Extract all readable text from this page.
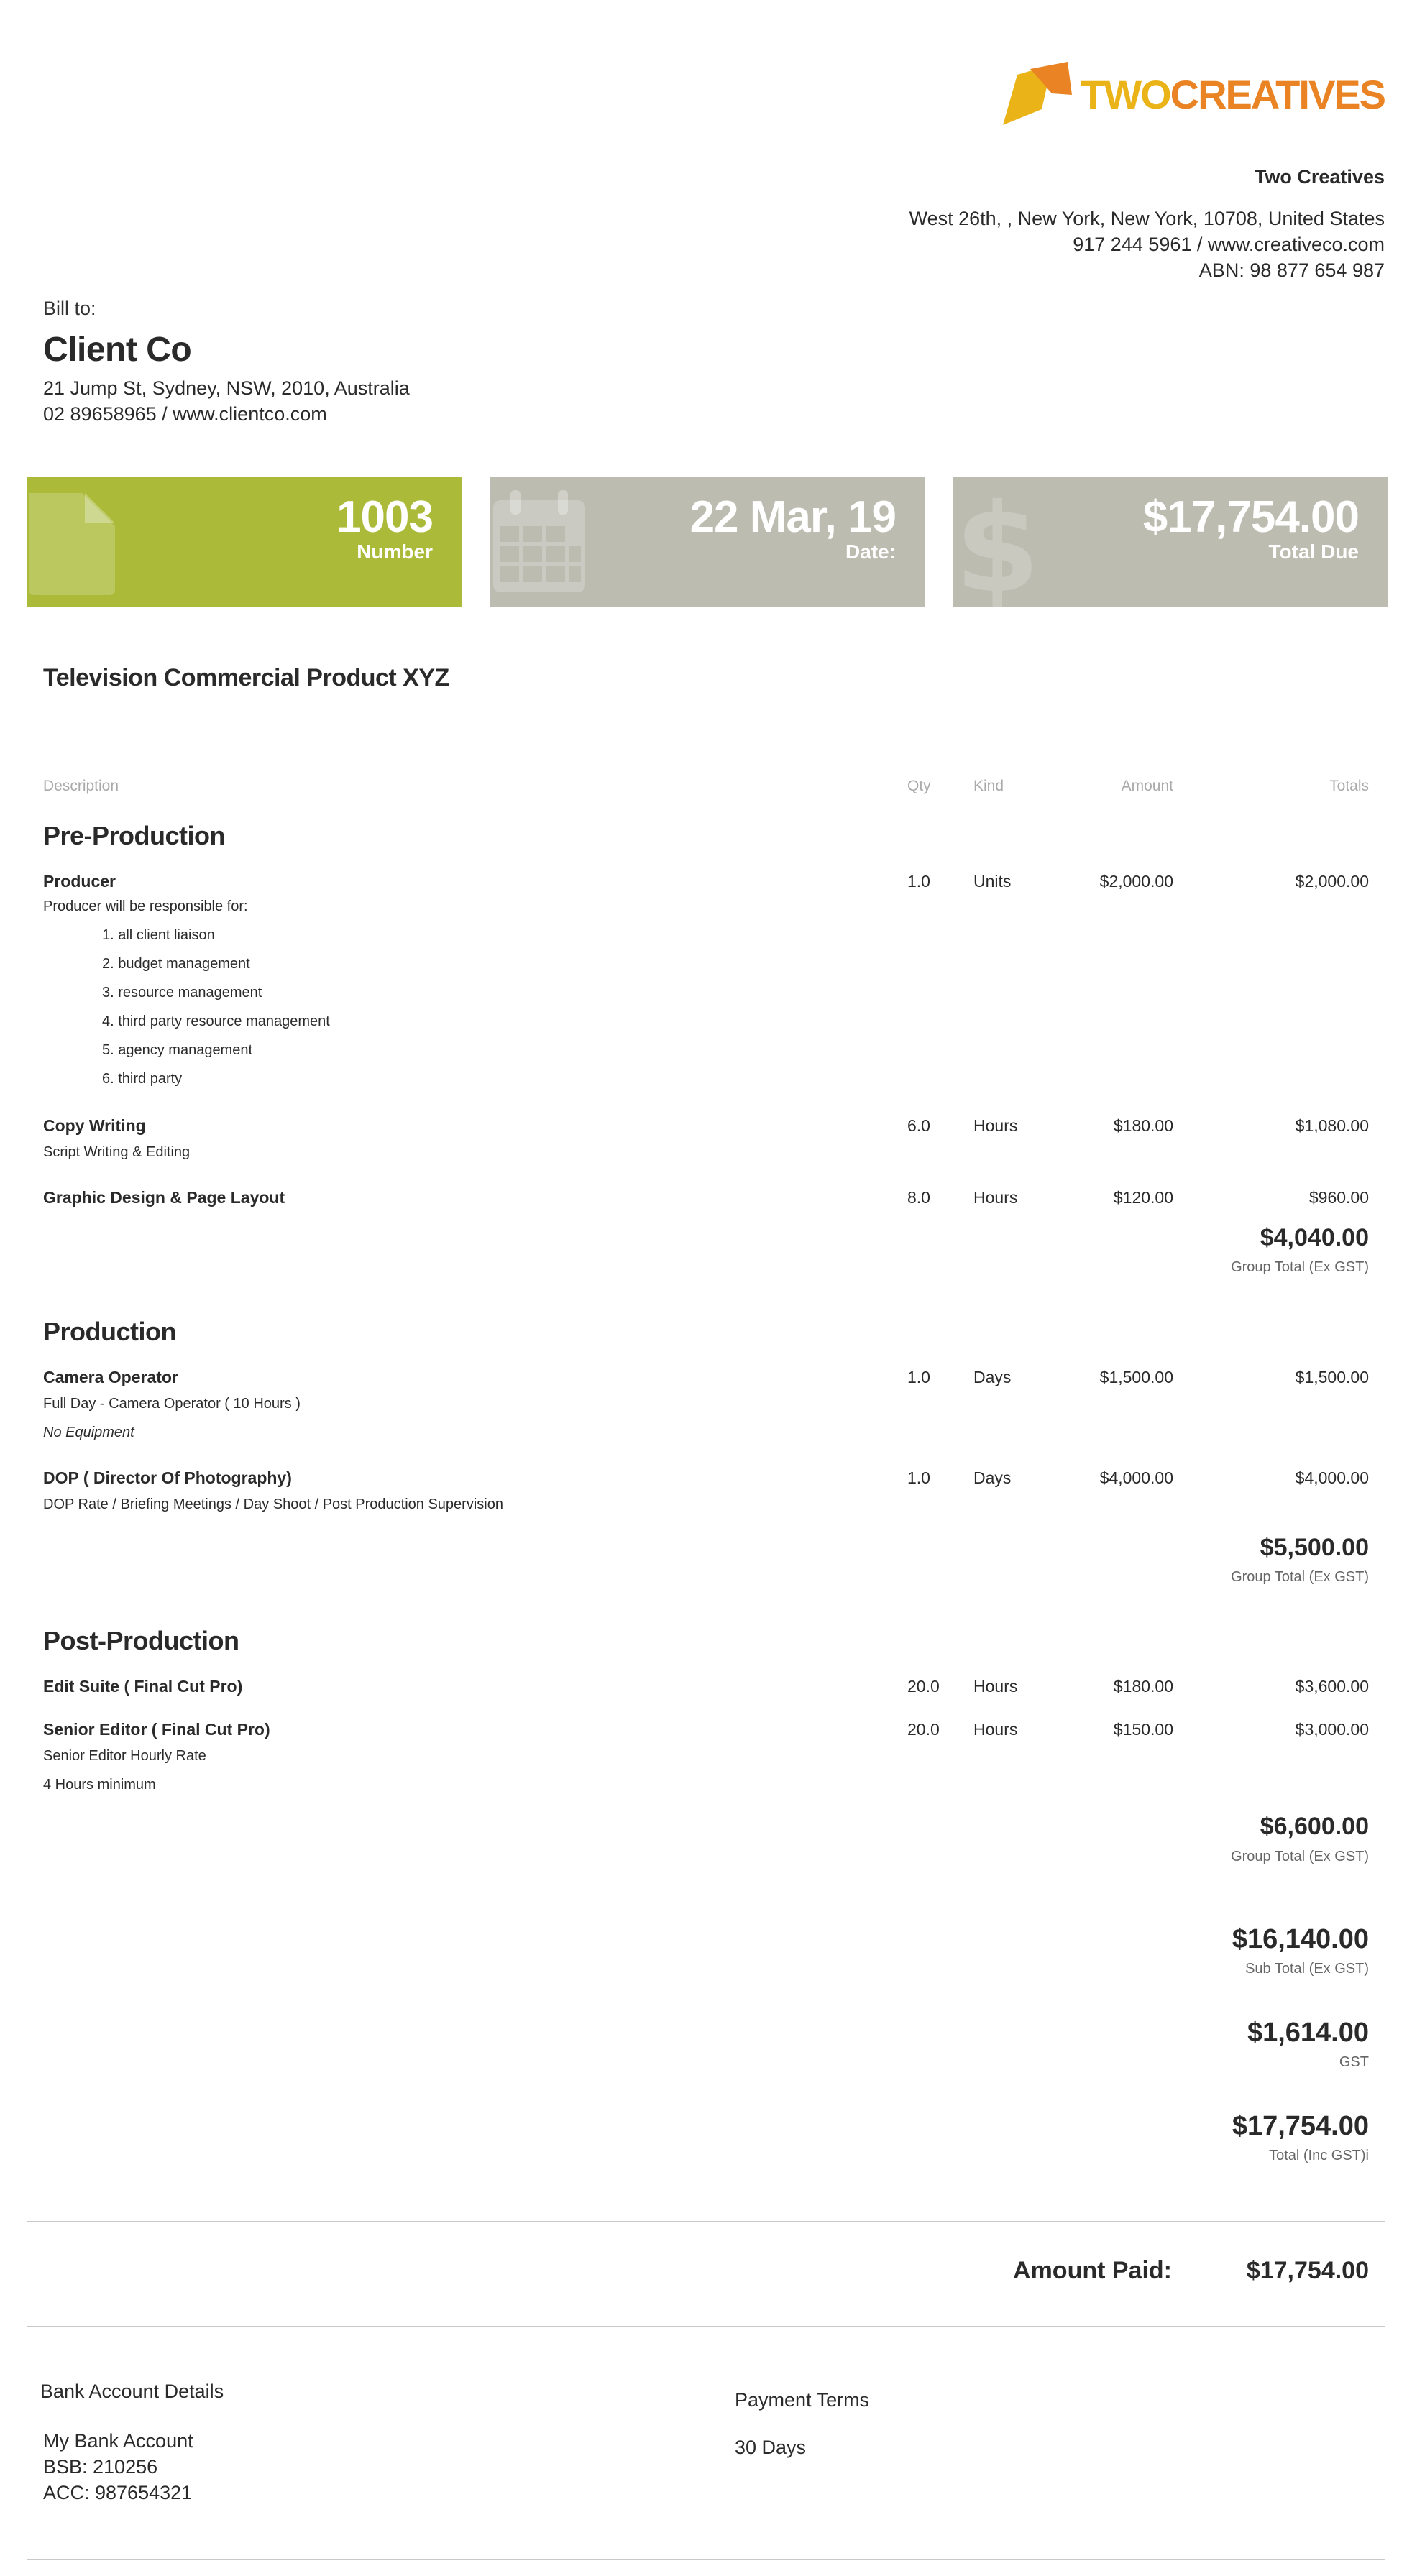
TWOCREATIVES
Two Creatives
West 26th, , New York, New York, 10708, United States
917 244 5961 / www.creativeco.com
ABN: 98 877 654 987
Bill to:
Client Co
21 Jump St, Sydney, NSW, 2010, Australia
02 89658965 / www.clientco.com
1003
Number
22 Mar, 19
Date: $ $17,754.00
Total Due
Television Commercial Product XYZ
Description	Qty	Kind	Amount	Totals
Pre-Production
Producer	1.0	Units	$2,000.00	$2,000.00
Producer will be responsible for:
1. all client liaison
2. budget management
3. resource management
4. third party resource management
5. agency management
6. third party
Copy Writing	6.0	Hours	$180.00	$1,080.00
Script Writing & Editing
Graphic Design & Page Layout	8.0	Hours	$120.00	$960.00
$4,040.00
Group Total (Ex GST)
Production
Camera Operator	1.0	Days	$1,500.00	$1,500.00
Full Day - Camera Operator ( 10 Hours )
No Equipment
DOP ( Director Of Photography)	1.0	Days	$4,000.00	$4,000.00
DOP Rate / Briefing Meetings / Day Shoot / Post Production Supervision
$5,500.00
Group Total (Ex GST)
Post-Production
Edit Suite ( Final Cut Pro)	20.0 Hours	$180.00	$3,600.00
Senior Editor ( Final Cut Pro)	20.0 Hours	$150.00	$3,000.00
Senior Editor Hourly Rate
4 Hours minimum
$6,600.00
Group Total (Ex GST)
$16,140.00
Sub Total (Ex GST)
$1,614.00
GST
$17,754.00
Total (Inc GST)i
Amount Paid:	$17,754.00
Bank Account Details
My Bank Account
BSB: 210256
ACC: 987654321
Payment Terms
30 Days
